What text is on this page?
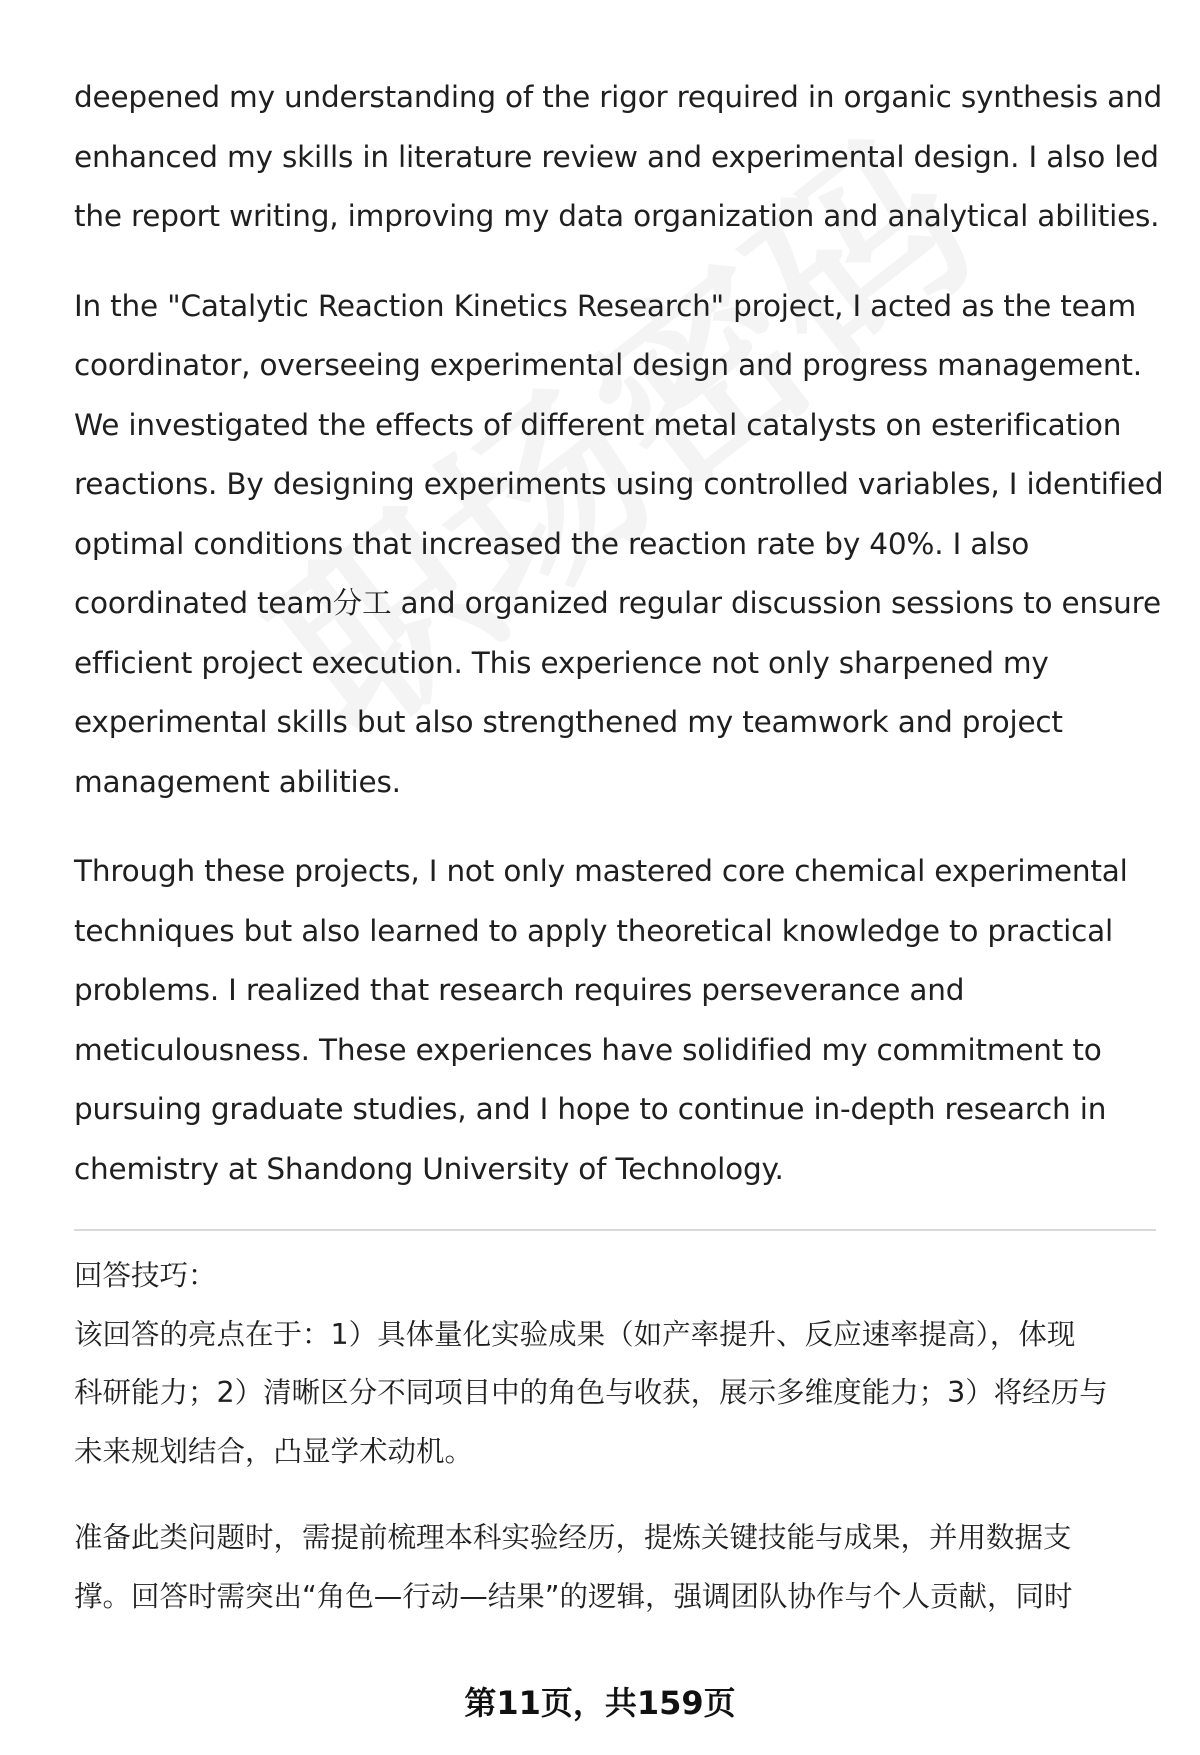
deepened my understanding of the rigor required in organic synthesis and
enhanced my skills in literature review and experimental design. I also led
the report writing, improving my data organization and analytical abilities.

In the "Catalytic Reaction Kinetics Research" project, I acted as the team
coordinator, overseeing experimental design and progress management.
We investigated the effects of different metal catalysts on esterification
reactions. By designing experiments using controlled variables, I identified
optimal conditions that increased the reaction rate by 40%. I also
coordinated team分工 and organized regular discussion sessions to ensure
efficient project execution. This experience not only sharpened my
experimental skills but also strengthened my teamwork and project
management abilities.

Through these projects, I not only mastered core chemical experimental
techniques but also learned to apply theoretical knowledge to practical
problems. I realized that research requires perseverance and
meticulousness. These experiences have solidified my commitment to
pursuing graduate studies, and I hope to continue in-depth research in
chemistry at Shandong University of Technology.

回答技巧：
该回答的亮点在于：1）具体量化实验成果（如产率提升、反应速率提高），体现
科研能力；2）清晰区分不同项目中的角色与收获，展示多维度能力；3）将经历与
未来规划结合，凸显学术动机。
准备此类问题时，需提前梳理本科实验经历，提炼关键技能与成果，并用数据支
撑。回答时需突出“角色—行动—结果”的逻辑，强调团队协作与个人贡献，同时
第11页，共159页
